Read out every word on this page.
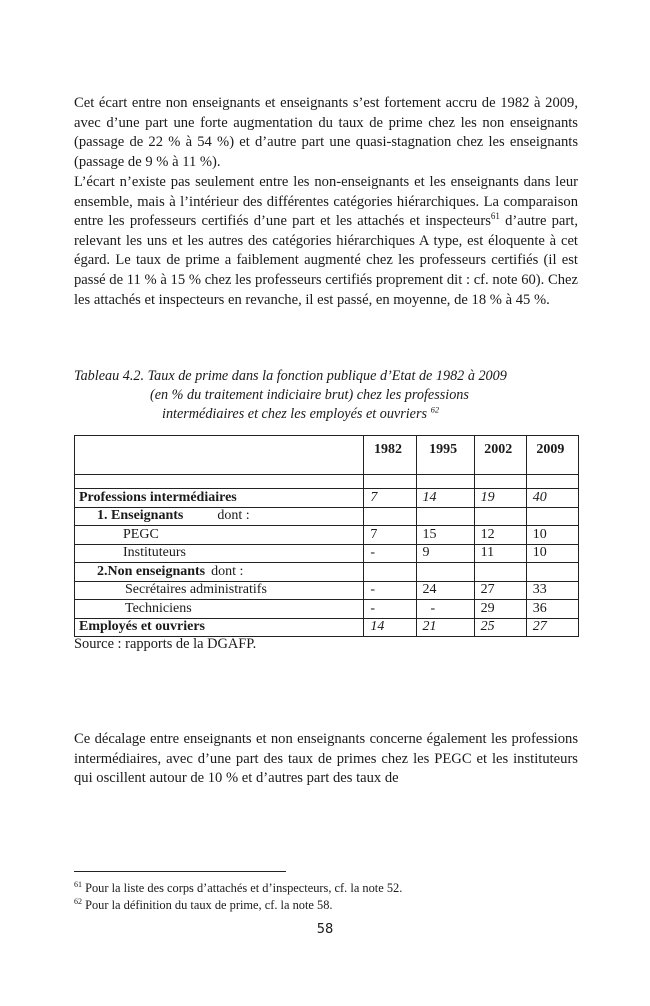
Cet écart entre non enseignants et enseignants s’est fortement accru de 1982 à 2009, avec d’une part une forte augmentation du taux de prime chez les non enseignants (passage de 22 % à 54 %) et d’autre part une quasi-stagnation chez les enseignants (passage de 9 % à 11 %).

L’écart n’existe pas seulement entre les non-enseignants et les enseignants dans leur ensemble, mais à l’intérieur des différentes catégories hiérarchiques. La comparaison entre les professeurs certifiés d’une part et les attachés et inspecteurs$^{61}$ d’autre part, relevant les uns et les autres des catégories hiérarchiques A type, est éloquente à cet égard. Le taux de prime a faiblement augmenté chez les professeurs certifiés (il est passé de 11 % à 15 % chez les professeurs certifiés proprement dit : cf. note 60). Chez les attachés et inspecteurs en revanche, il est passé, en moyenne, de 18 % à 45 %.

Tableau 4.2. Taux de prime dans la fonction publique d’Etat de 1982 à 2009
(en % du traitement indiciaire brut) chez les professions
intermédiaires et chez les employés et ouvriers $^{62}$
	1982	1995	2002	2009

Professions intermédiaires	7	14	19	40
1. Enseignants dont :				
PEGC	7	15	12	10
Instituteurs	-	9	11	10
2.Non enseignants dont :				
Secrétaires administratifs	-	24	27	33
Techniciens	-	-	29	36
Employés et ouvriers	14	21	25	27
Source : rapports de la DGAFP.

Ce décalage entre enseignants et non enseignants concerne également les professions intermédiaires, avec d’une part des taux de primes chez les PEGC et les instituteurs qui oscillent autour de 10 % et d’autres part des taux de

$^{61}$ Pour la liste des corps d’attachés et d’inspecteurs, cf. la note 52.
$^{62}$ Pour la définition du taux de prime, cf. la note 58.
58
